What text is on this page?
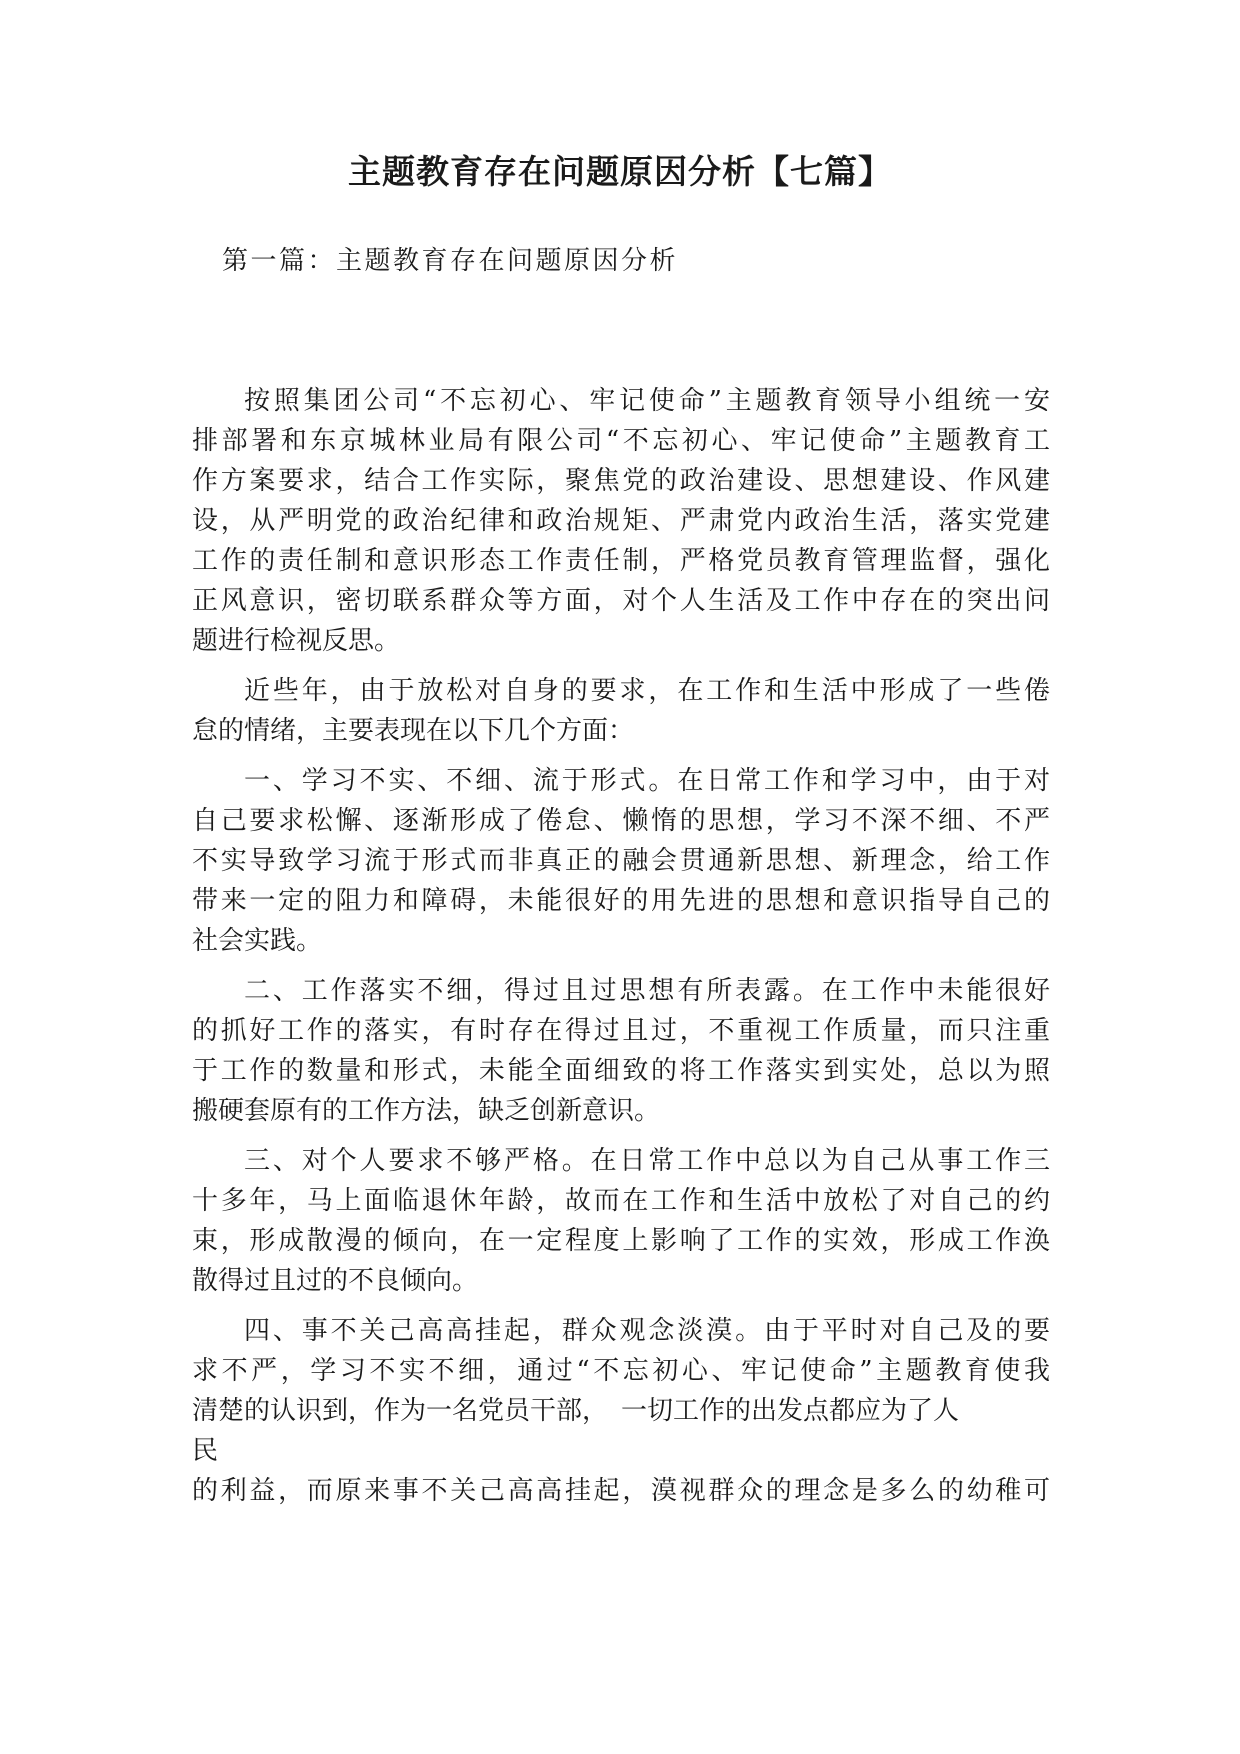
主题教育存在问题原因分析【七篇】
第一篇：主题教育存在问题原因分析
按照集团公司“不忘初心、牢记使命”主题教育领导小组统一安
排部署和东京城林业局有限公司“不忘初心、牢记使命”主题教育工
作方案要求，结合工作实际，聚焦党的政治建设、思想建设、作风建
设，从严明党的政治纪律和政治规矩、严肃党内政治生活，落实党建
工作的责任制和意识形态工作责任制，严格党员教育管理监督，强化
正风意识，密切联系群众等方面，对个人生活及工作中存在的突出问
题进行检视反思。
近些年，由于放松对自身的要求，在工作和生活中形成了一些倦
怠的情绪，主要表现在以下几个方面：
一、学习不实、不细、流于形式。在日常工作和学习中，由于对
自己要求松懈、逐渐形成了倦怠、懒惰的思想，学习不深不细、不严
不实导致学习流于形式而非真正的融会贯通新思想、新理念，给工作
带来一定的阻力和障碍，未能很好的用先进的思想和意识指导自己的
社会实践。
二、工作落实不细，得过且过思想有所表露。在工作中未能很好
的抓好工作的落实，有时存在得过且过，不重视工作质量，而只注重
于工作的数量和形式，未能全面细致的将工作落实到实处，总以为照
搬硬套原有的工作方法，缺乏创新意识。
三、对个人要求不够严格。在日常工作中总以为自己从事工作三
十多年，马上面临退休年龄，故而在工作和生活中放松了对自己的约
束，形成散漫的倾向，在一定程度上影响了工作的实效，形成工作涣
散得过且过的不良倾向。
四、事不关己高高挂起，群众观念淡漠。由于平时对自己及的要
求不严，学习不实不细，通过“不忘初心、牢记使命”主题教育使我
清楚的认识到，作为一名党员干部，　一切工作的出发点都应为了人
民
的利益，而原来事不关己高高挂起，漠视群众的理念是多么的幼稚可
